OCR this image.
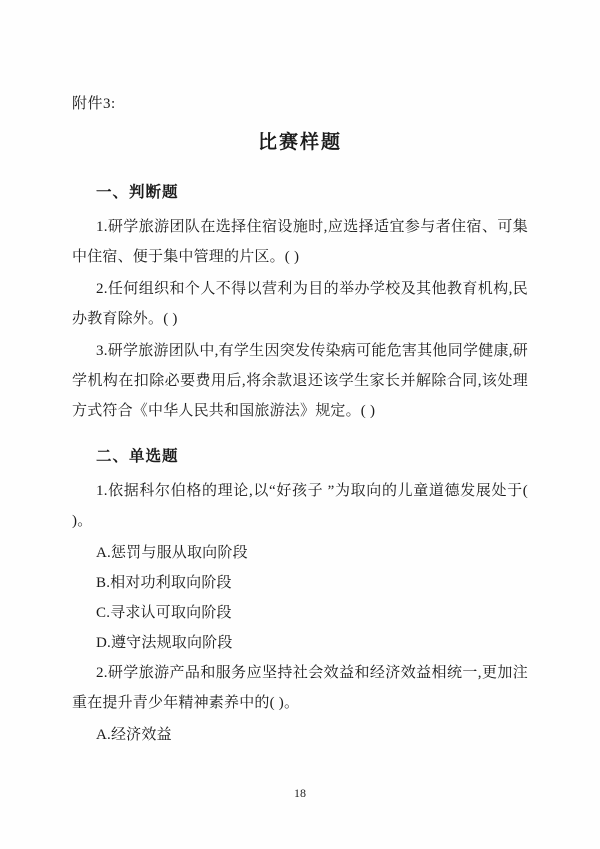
附件3:

比赛样题
一、判断题

1.研学旅游团队在选择住宿设施时,应选择适宜参与者住宿、可集中住宿、便于集中管理的片区。( )

2.任何组织和个人不得以营利为目的举办学校及其他教育机构,民办教育除外。( )

3.研学旅游团队中,有学生因突发传染病可能危害其他同学健康,研学机构在扣除必要费用后,将余款退还该学生家长并解除合同,该处理方式符合《中华人民共和国旅游法》规定。( )

二、单选题

1.依据科尔伯格的理论,以“好孩子 ”为取向的儿童道德发展处于( )。

A.惩罚与服从取向阶段

B.相对功利取向阶段

C.寻求认可取向阶段

D.遵守法规取向阶段

2.研学旅游产品和服务应坚持社会效益和经济效益相统一,更加注重在提升青少年精神素养中的( )。

A.经济效益

18
